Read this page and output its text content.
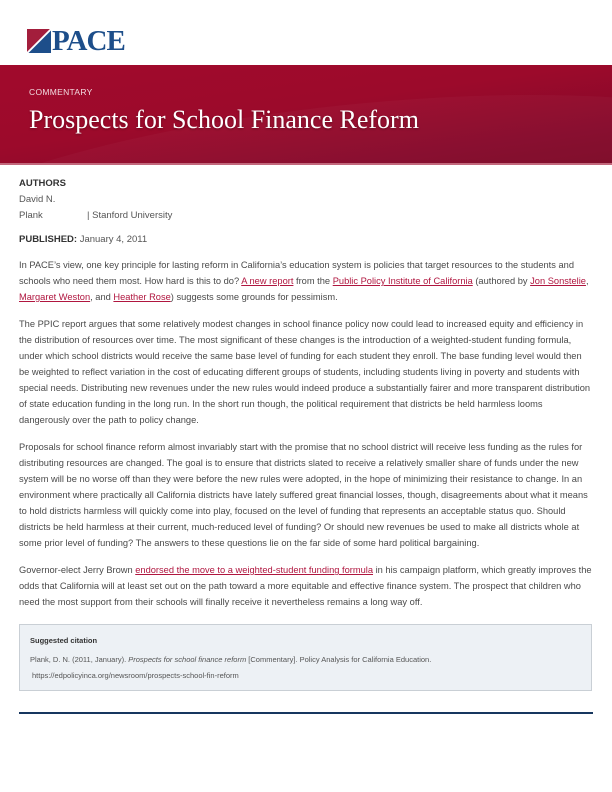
PACE
COMMENTARY
Prospects for School Finance Reform
AUTHORS
David N.
Plank	| Stanford University
PUBLISHED: January 4, 2011

In PACE’s view, one key principle for lasting reform in California’s education system is policies that target resources to the students and schools who need them most. How hard is this to do? A new report from the Public Policy Institute of California (authored by Jon Sonstelie, Margaret Weston, and Heather Rose) suggests some grounds for pessimism.

The PPIC report argues that some relatively modest changes in school finance policy now could lead to increased equity and efficiency in the distribution of resources over time. The most significant of these changes is the introduction of a weighted-student funding formula, under which school districts would receive the same base level of funding for each student they enroll. The base funding level would then be weighted to reflect variation in the cost of educating different groups of students, including students living in poverty and students with special needs. Distributing new revenues under the new rules would indeed produce a substantially fairer and more transparent distribution of state education funding in the long run. In the short run though, the political requirement that districts be held harmless looms dangerously over the path to policy change.

Proposals for school finance reform almost invariably start with the promise that no school district will receive less funding as the rules for distributing resources are changed. The goal is to ensure that districts slated to receive a relatively smaller share of funds under the new system will be no worse off than they were before the new rules were adopted, in the hope of minimizing their resistance to change. In an environment where practically all California districts have lately suffered great financial losses, though, disagreements about what it means to hold districts harmless will quickly come into play, focused on the level of funding that represents an acceptable status quo. Should districts be held harmless at their current, much-reduced level of funding? Or should new revenues be used to make all districts whole at some prior level of funding? The answers to these questions lie on the far side of some hard political bargaining.

Governor-elect Jerry Brown endorsed the move to a weighted-student funding formula in his campaign platform, which greatly improves the odds that California will at least set out on the path toward a more equitable and effective finance system. The prospect that children who need the most support from their schools will finally receive it nevertheless remains a long way off.

Suggested citation
Plank, D. N. (2011, January). Prospects for school finance reform [Commentary]. Policy Analysis for California Education.
https://edpolicyinca.org/newsroom/prospects-school-fin-reform
